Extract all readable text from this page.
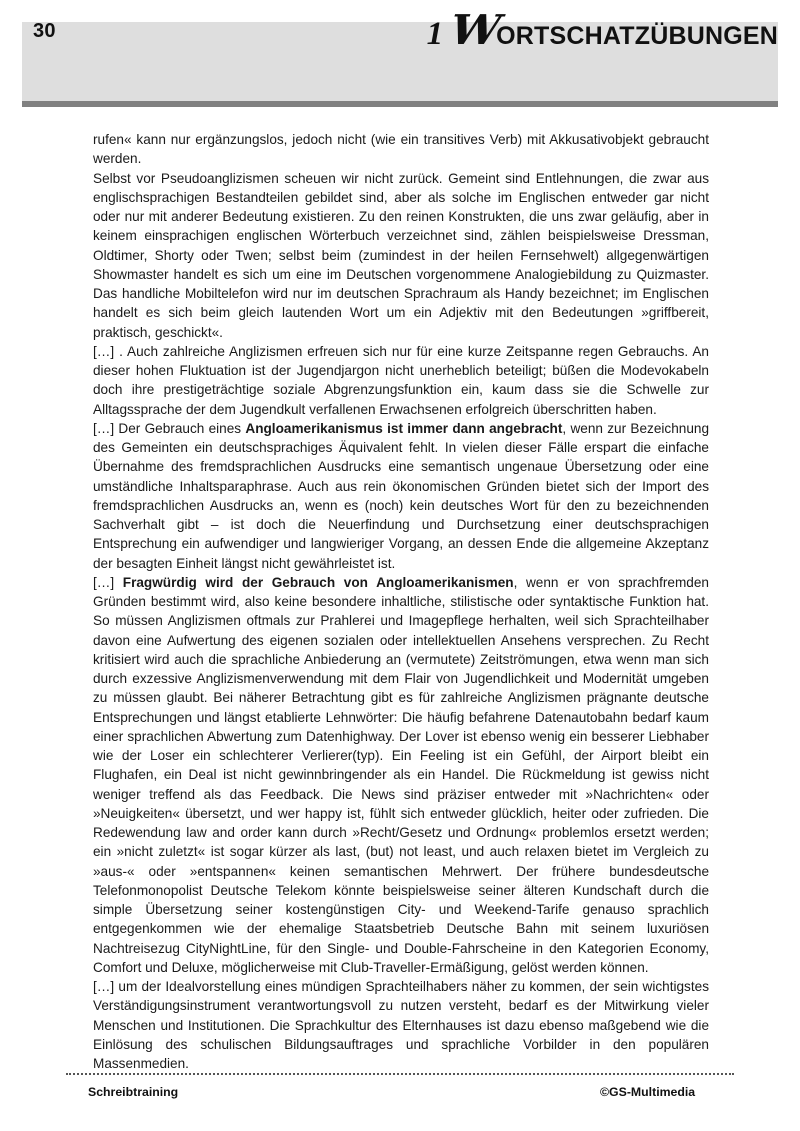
30	1 W
ORTSCHATZÜBUNGEN

rufen« kann nur ergänzungslos, jedoch nicht (wie ein transitives Verb) mit Akkusativobjekt gebraucht werden.

Selbst vor Pseudoanglizismen scheuen wir nicht zurück. Gemeint sind Entlehnungen, die zwar aus englischsprachigen Bestandteilen gebildet sind, aber als solche im Englischen entweder gar nicht oder nur mit anderer Bedeutung existieren. Zu den reinen Konstrukten, die uns zwar geläufig, aber in keinem einsprachigen englischen Wörterbuch verzeichnet sind, zählen beispielsweise Dressman, Oldtimer, Shorty oder Twen; selbst beim (zumindest in der heilen Fernsehwelt) allgegenwärtigen Showmaster handelt es sich um eine im Deutschen vorgenommene Analogiebildung zu Quizmaster. Das handliche Mobiltelefon wird nur im deutschen Sprachraum als Handy bezeichnet; im Englischen handelt es sich beim gleich lautenden Wort um ein Adjektiv mit den Bedeutungen »griffbereit, praktisch, geschickt«.

[…] . Auch zahlreiche Anglizismen erfreuen sich nur für eine kurze Zeitspanne regen Gebrauchs. An dieser hohen Fluktuation ist der Jugendjargon nicht unerheblich beteiligt; büßen die Modevokabeln doch ihre prestigeträchtige soziale Abgrenzungsfunktion ein, kaum dass sie die Schwelle zur Alltagssprache der dem Jugendkult verfallenen Erwachsenen erfolgreich überschritten haben.

[…] Der Gebrauch eines Angloamerikanismus ist immer dann angebracht, wenn zur Bezeichnung des Gemeinten ein deutschsprachiges Äquivalent fehlt. In vielen dieser Fälle erspart die einfache Übernahme des fremdsprachlichen Ausdrucks eine semantisch ungenaue Übersetzung oder eine umständliche Inhaltsparaphrase. Auch aus rein ökonomischen Gründen bietet sich der Import des fremdsprachlichen Ausdrucks an, wenn es (noch) kein deutsches Wort für den zu bezeichnenden Sachverhalt gibt – ist doch die Neuerfindung und Durchsetzung einer deutschsprachigen Entsprechung ein aufwendiger und langwieriger Vorgang, an dessen Ende die allgemeine Akzeptanz der besagten Einheit längst nicht gewährleistet ist.

[…] Fragwürdig wird der Gebrauch von Angloamerikanismen, wenn er von sprachfremden Gründen bestimmt wird, also keine besondere inhaltliche, stilistische oder syntaktische Funktion hat. So müssen Anglizismen oftmals zur Prahlerei und Imagepflege herhalten, weil sich Sprachteilhaber davon eine Aufwertung des eigenen sozialen oder intellektuellen Ansehens versprechen. Zu Recht kritisiert wird auch die sprachliche Anbiederung an (vermutete) Zeitströmungen, etwa wenn man sich durch exzessive Anglizismenverwendung mit dem Flair von Jugendlichkeit und Modernität umgeben zu müssen glaubt. Bei näherer Betrachtung gibt es für zahlreiche Anglizismen prägnante deutsche Entsprechungen und längst etablierte Lehnwörter: Die häufig befahrene Datenautobahn bedarf kaum einer sprachlichen Abwertung zum Datenhighway. Der Lover ist ebenso wenig ein besserer Liebhaber wie der Loser ein schlechterer Verlierer(typ). Ein Feeling ist ein Gefühl, der Airport bleibt ein Flughafen, ein Deal ist nicht gewinnbringender als ein Handel. Die Rückmeldung ist gewiss nicht weniger treffend als das Feedback. Die News sind präziser entweder mit »Nachrichten« oder »Neuigkeiten« übersetzt, und wer happy ist, fühlt sich entweder glücklich, heiter oder zufrieden. Die Redewendung law and order kann durch »Recht/Gesetz und Ordnung« problemlos ersetzt werden; ein »nicht zuletzt« ist sogar kürzer als last, (but) not least, und auch relaxen bietet im Vergleich zu »aus-« oder »entspannen« keinen semantischen Mehrwert. Der frühere bundesdeutsche Telefonmonopolist Deutsche Telekom könnte beispielsweise seiner älteren Kundschaft durch die simple Übersetzung seiner kostengünstigen City- und Weekend-Tarife genauso sprachlich entgegenkommen wie der ehemalige Staatsbetrieb Deutsche Bahn mit seinem luxuriösen Nachtreisezug CityNightLine, für den Single- und Double-Fahrscheine in den Kategorien Economy, Comfort und Deluxe, möglicherweise mit Club-Traveller-Ermäßigung, gelöst werden können.

[…] um der Idealvorstellung eines mündigen Sprachteilhabers näher zu kommen, der sein wichtigstes Verständigungsinstrument verantwortungsvoll zu nutzen versteht, bedarf es der Mitwirkung vieler Menschen und Institutionen. Die Sprachkultur des Elternhauses ist dazu ebenso maßgebend wie die Einlösung des schulischen Bildungsauftrages und sprachliche Vorbilder in den populären Massenmedien.

Schreibtraining	©GS-Multimedia
